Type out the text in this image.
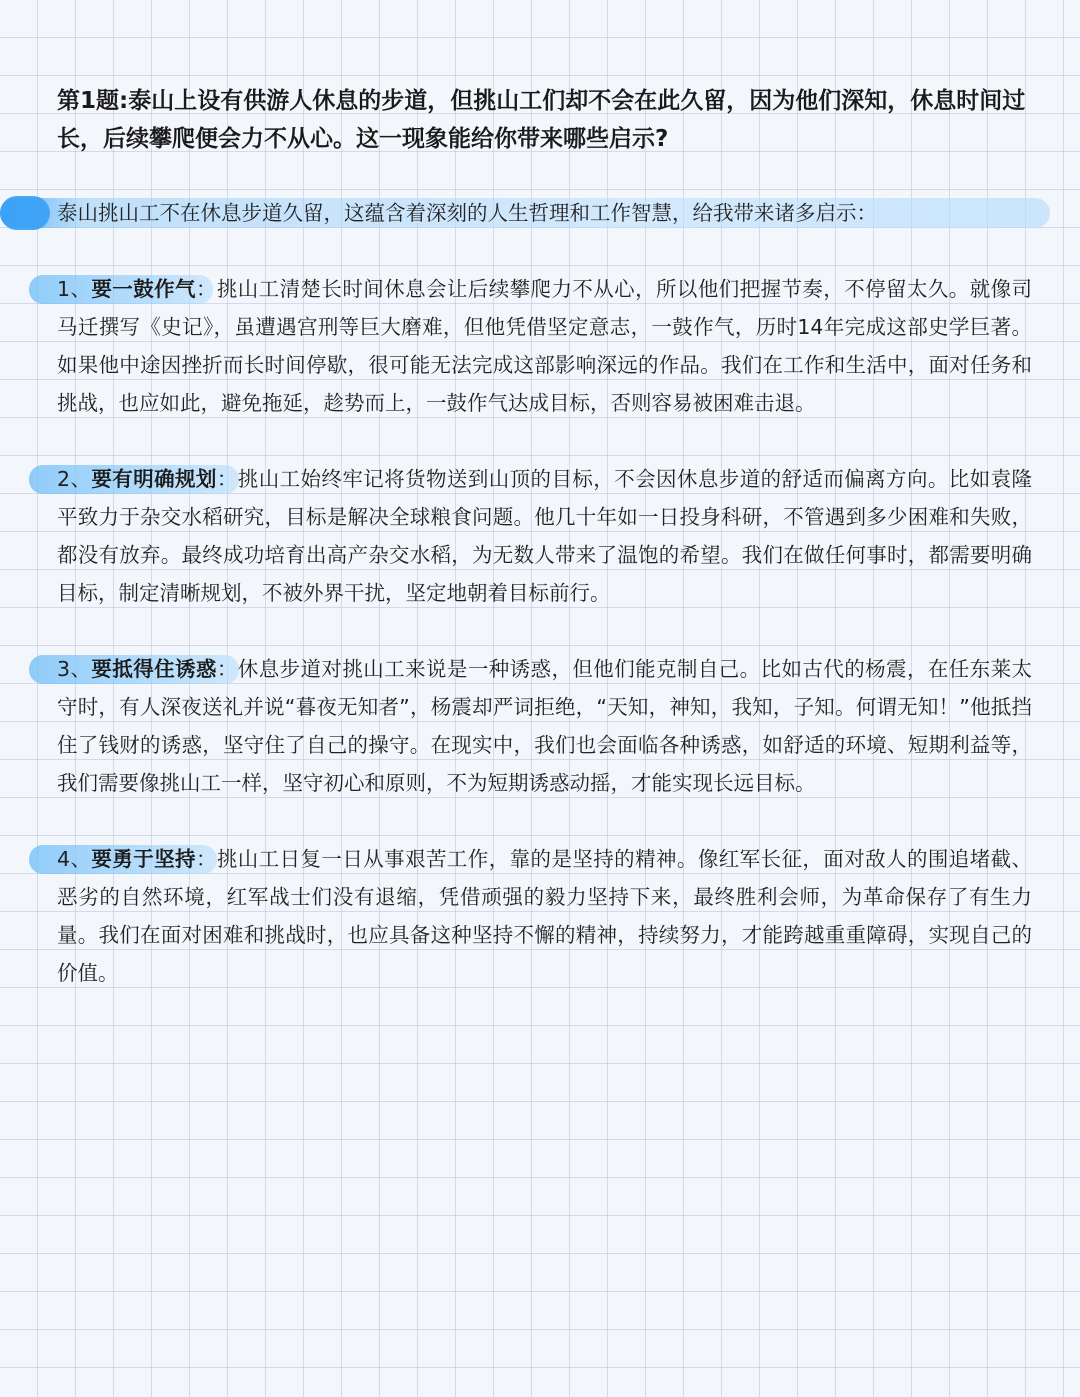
第1题:泰山上设有供游人休息的步道，但挑山工们却不会在此久留，因为他们深知，休息时间过长，后续攀爬便会力不从心。这一现象能给你带来哪些启示?

泰山挑山工不在休息步道久留，这蕴含着深刻的人生哲理和工作智慧，给我带来诸多启示：
1、要一鼓作气：挑山工清楚长时间休息会让后续攀爬力不从心，所以他们把握节奏，不停留太久。就像司马迁撰写《史记》，虽遭遇宫刑等巨大磨难，但他凭借坚定意志，一鼓作气，历时14年完成这部史学巨著。如果他中途因挫折而长时间停歇，很可能无法完成这部影响深远的作品。我们在工作和生活中，面对任务和挑战，也应如此，避免拖延，趁势而上，一鼓作气达成目标，否则容易被困难击退。
2、要有明确规划：挑山工始终牢记将货物送到山顶的目标，不会因休息步道的舒适而偏离方向。比如袁隆平致力于杂交水稻研究，目标是解决全球粮食问题。他几十年如一日投身科研，不管遇到多少困难和失败，都没有放弃。最终成功培育出高产杂交水稻，为无数人带来了温饱的希望。我们在做任何事时，都需要明确目标，制定清晰规划，不被外界干扰，坚定地朝着目标前行。
3、要抵得住诱惑：休息步道对挑山工来说是一种诱惑，但他们能克制自己。比如古代的杨震，在任东莱太守时，有人深夜送礼并说“暮夜无知者”，杨震却严词拒绝，“天知，神知，我知，子知。何谓无知！”他抵挡住了钱财的诱惑，坚守住了自己的操守。在现实中，我们也会面临各种诱惑，如舒适的环境、短期利益等，我们需要像挑山工一样，坚守初心和原则，不为短期诱惑动摇，才能实现长远目标。
4、要勇于坚持：挑山工日复一日从事艰苦工作，靠的是坚持的精神。像红军长征，面对敌人的围追堵截、恶劣的自然环境，红军战士们没有退缩，凭借顽强的毅力坚持下来，最终胜利会师，为革命保存了有生力量。我们在面对困难和挑战时，也应具备这种坚持不懈的精神，持续努力，才能跨越重重障碍，实现自己的价值。
